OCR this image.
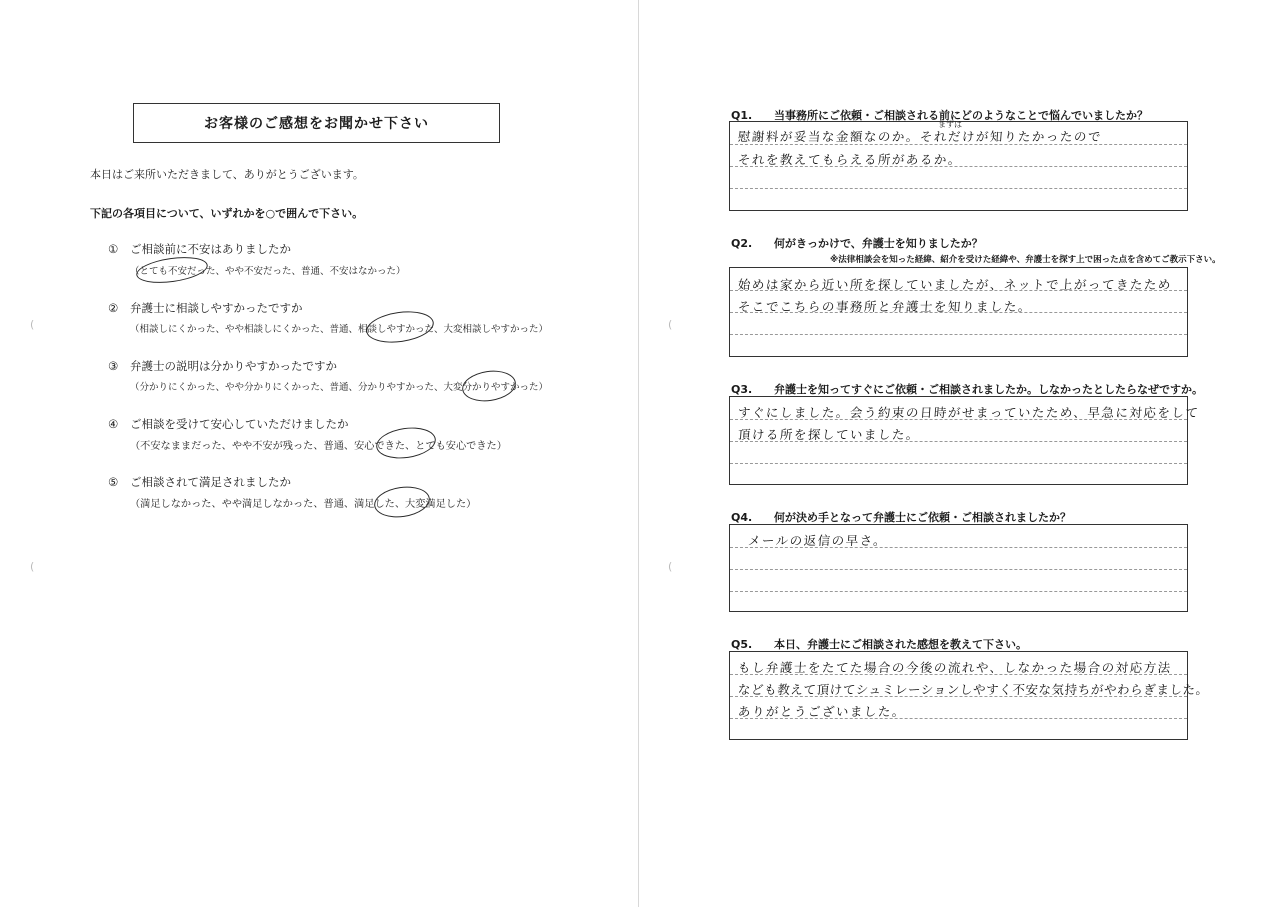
(
(
(
(
お客様のご感想をお聞かせ下さい
本日はご来所いただきまして、ありがとうございます。
下記の各項目について、いずれかを○で囲んで下さい。
① ご相談前に不安はありましたか
（とても不安だった、やや不安だった、普通、不安はなかった）
② 弁護士に相談しやすかったですか
（相談しにくかった、やや相談しにくかった、普通、相談しやすかった、大変相談しやすかった）
③ 弁護士の説明は分かりやすかったですか
（分かりにくかった、やや分かりにくかった、普通、分かりやすかった、大変分かりやすかった）
④ ご相談を受けて安心していただけましたか
（不安なままだった、やや不安が残った、普通、安心できた、とても安心できた）
⑤ ご相談されて満足されましたか
（満足しなかった、やや満足しなかった、普通、満足した、大変満足した）
Q1. 当事務所にご依頼・ご相談される前にどのようなことで悩んでいましたか？
まずは
慰謝料が妥当な金額なのか。それだけが知りたかったので
それを教えてもらえる所があるか。
Q2. 何がきっかけで、弁護士を知りましたか？
※法律相談会を知った経緯、紹介を受けた経緯や、弁護士を探す上で困った点を含めてご教示下さい。
始めは家から近い所を探していましたが、ネットで上がってきたため
そこでこちらの事務所と弁護士を知りました。
Q3. 弁護士を知ってすぐにご依頼・ご相談されましたか。しなかったとしたらなぜですか。
すぐにしました。会う約束の日時がせまっていたため、早急に対応をして
頂ける所を探していました。
Q4. 何が決め手となって弁護士にご依頼・ご相談されましたか？
メールの返信の早さ。
Q5. 本日、弁護士にご相談された感想を教えて下さい。
もし弁護士をたてた場合の今後の流れや、しなかった場合の対応方法
なども教えて頂けてシュミレーションしやすく不安な気持ちがやわらぎました。
ありがとうございました。
